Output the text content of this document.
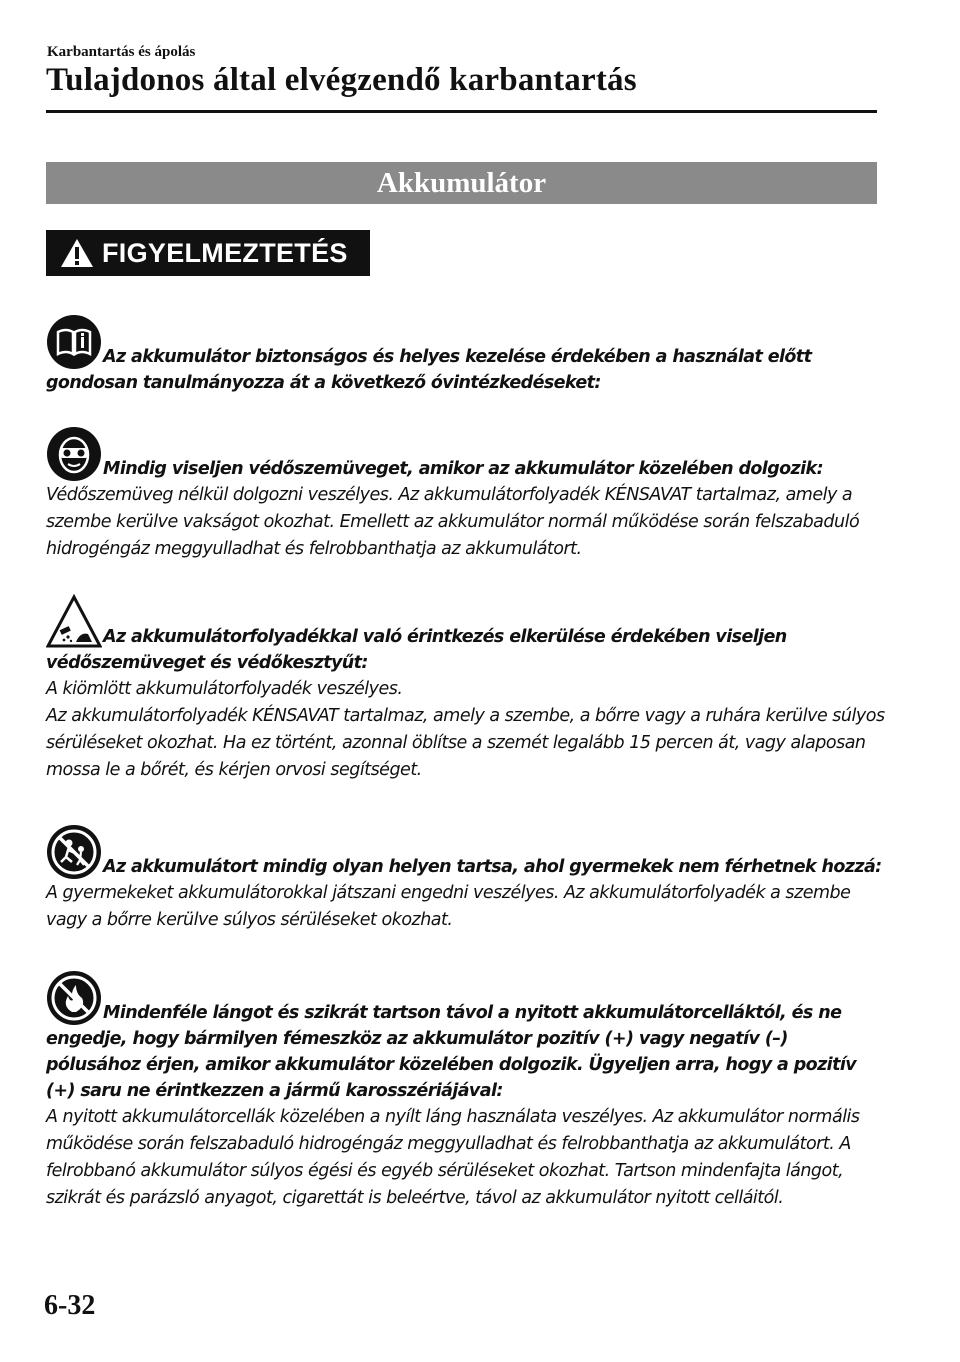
Karbantartás és ápolás
Tulajdonos által elvégzendő karbantartás
Akkumulátor
FIGYELMEZTETÉS

Az akkumulátor biztonságos és helyes kezelése érdekében a használat előtt gondosan tanulmányozza át a következő óvintézkedéseket:

Mindig viseljen védőszemüveget, amikor az akkumulátor közelében dolgozik:

Védőszemüveg nélkül dolgozni veszélyes. Az akkumulátorfolyadék KÉNSAVAT tartalmaz, amely a szembe kerülve vakságot okozhat. Emellett az akkumulátor normál működése során felszabaduló hidrogéngáz meggyulladhat és felrobbanthatja az akkumulátort.

Az akkumulátorfolyadékkal való érintkezés elkerülése érdekében viseljen védőszemüveget és védőkesztyűt:

A kiömlött akkumulátorfolyadék veszélyes.

Az akkumulátorfolyadék KÉNSAVAT tartalmaz, amely a szembe, a bőrre vagy a ruhára kerülve súlyos sérüléseket okozhat. Ha ez történt, azonnal öblítse a szemét legalább 15 percen át, vagy alaposan mossa le a bőrét, és kérjen orvosi segítséget.

Az akkumulátort mindig olyan helyen tartsa, ahol gyermekek nem férhetnek hozzá:

A gyermekeket akkumulátorokkal játszani engedni veszélyes. Az akkumulátorfolyadék a szembe vagy a bőrre kerülve súlyos sérüléseket okozhat.

Mindenféle lángot és szikrát tartson távol a nyitott akkumulátorcelláktól, és ne engedje, hogy bármilyen fémeszköz az akkumulátor pozitív (+) vagy negatív (–) pólusához érjen, amikor akkumulátor közelében dolgozik. Ügyeljen arra, hogy a pozitív (+) saru ne érintkezzen a jármű karosszériájával:

A nyitott akkumulátorcellák közelében a nyílt láng használata veszélyes. Az akkumulátor normális működése során felszabaduló hidrogéngáz meggyulladhat és felrobbanthatja az akkumulátort. A felrobbanó akkumulátor súlyos égési és egyéb sérüléseket okozhat. Tartson mindenfajta lángot, szikrát és parázsló anyagot, cigarettát is beleértve, távol az akkumulátor nyitott celláitól.

6-32
